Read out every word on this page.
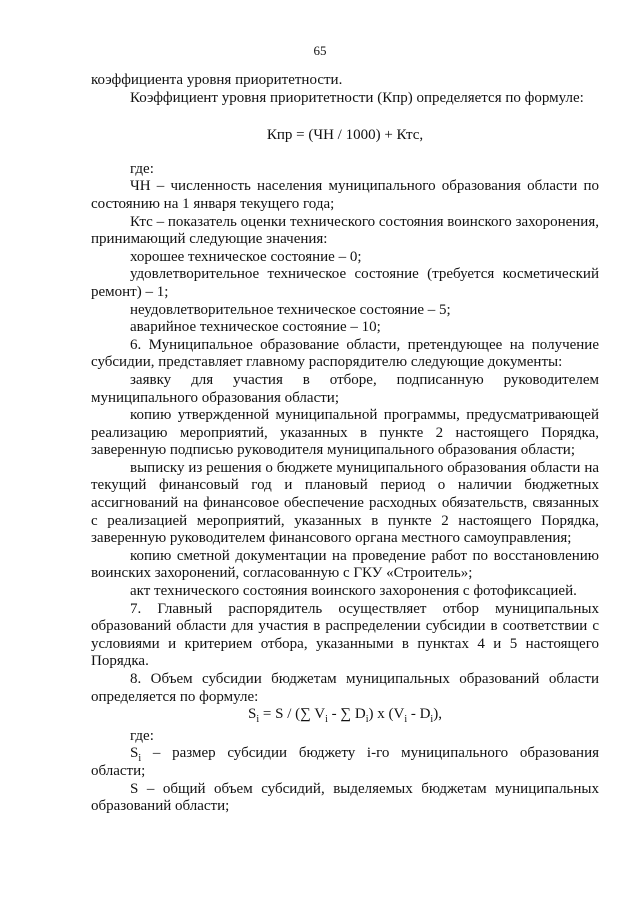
65

коэффициента уровня приоритетности.

Коэффициент уровня приоритетности (Кпр) определяется по формуле:

Кпр = (ЧН / 1000) + Ктс,

где:

ЧН – численность населения муниципального образования области по состоянию на 1 января текущего года;

Ктс – показатель оценки технического состояния воинского захоронения, принимающий следующие значения:

хорошее техническое состояние – 0;

удовлетворительное техническое состояние (требуется косметический ремонт) – 1;

неудовлетворительное техническое состояние – 5;

аварийное техническое состояние – 10;

6. Муниципальное образование области, претендующее на получение субсидии, представляет главному распорядителю следующие документы:

заявку для участия в отборе, подписанную руководителем муниципального образования области;

копию утвержденной муниципальной программы, предусматривающей реализацию мероприятий, указанных в пункте 2 настоящего Порядка, заверенную подписью руководителя муниципального образования области;

выписку из решения о бюджете муниципального образования области на текущий финансовый год и плановый период о наличии бюджетных ассигнований на финансовое обеспечение расходных обязательств, связанных с реализацией мероприятий, указанных в пункте 2 настоящего Порядка, заверенную руководителем финансового органа местного самоуправления;

копию сметной документации на проведение работ по восстановлению воинских захоронений, согласованную с ГКУ «Строитель»;

акт технического состояния воинского захоронения с фотофиксацией.

7. Главный распорядитель осуществляет отбор муниципальных образований области для участия в распределении субсидии в соответствии с условиями и критерием отбора, указанными в пунктах 4 и 5 настоящего Порядка.

8. Объем субсидии бюджетам муниципальных образований области определяется по формуле:

$S_i = S$ / (∑ $V_i$ - ∑ $D_i$) x $(V_i - D_i)$,

где:

$S_i$ – размер субсидии бюджету i-го муниципального образования области;

S – общий объем субсидий, выделяемых бюджетам муниципальных образований области;
